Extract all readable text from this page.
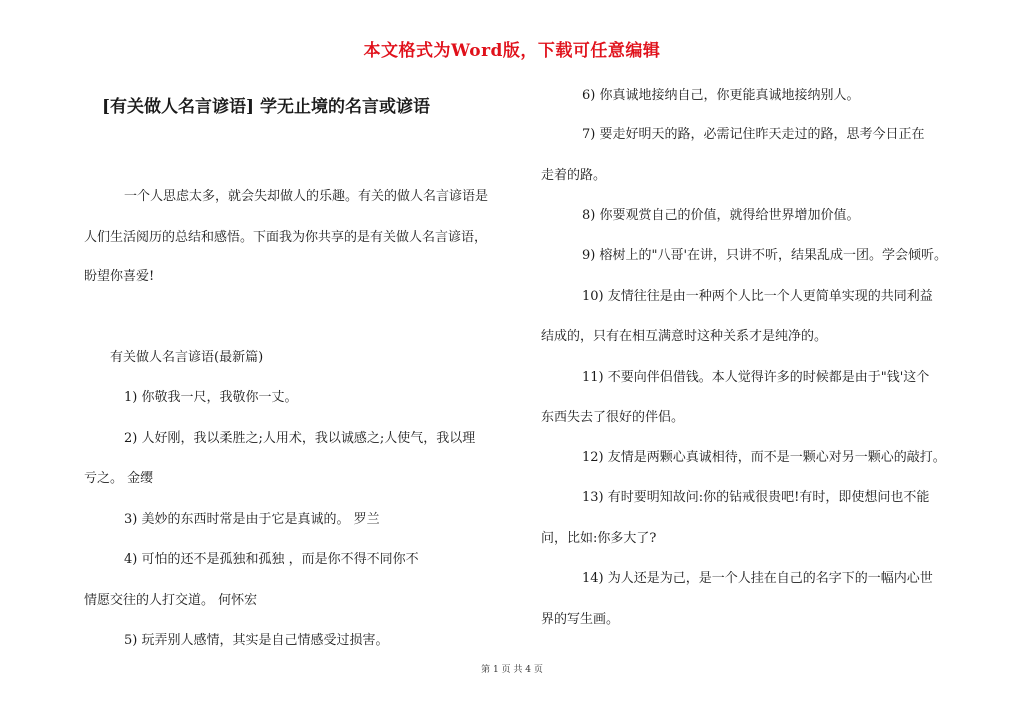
本文格式为Word版，下载可任意编辑
[有关做人名言谚语] 学无止境的名言或谚语
一个人思虑太多，就会失却做人的乐趣。有关的做人名言谚语是
人们生活阅历的总结和感悟。下面我为你共享的是有关做人名言谚语，
盼望你喜爱!
有关做人名言谚语(最新篇)
1) 你敬我一尺，我敬你一丈。
2) 人好刚，我以柔胜之;人用术，我以诚感之;人使气，我以理
亏之。 金缨
3) 美妙的东西时常是由于它是真诚的。 罗兰
4) 可怕的还不是孤独和孤独 ，而是你不得不同你不
情愿交往的人打交道。 何怀宏
5) 玩弄别人感情，其实是自己情感受过损害。
6) 你真诚地接纳自己，你更能真诚地接纳别人。
7) 要走好明天的路，必需记住昨天走过的路，思考今日正在
走着的路。
8) 你要观赏自己的价值，就得给世界增加价值。
9) 榕树上的"八哥'在讲，只讲不听，结果乱成一团。学会倾听。
10) 友情往往是由一种两个人比一个人更简单实现的共同利益
结成的，只有在相互满意时这种关系才是纯净的。
11) 不要向伴侣借钱。本人觉得许多的时候都是由于"钱'这个
东西失去了很好的伴侣。
12) 友情是两颗心真诚相待，而不是一颗心对另一颗心的敲打。
13) 有时要明知故问:你的钻戒很贵吧!有时，即使想问也不能
问，比如:你多大了?
14) 为人还是为己，是一个人挂在自己的名字下的一幅内心世
界的写生画。
第 1 页 共 4 页
